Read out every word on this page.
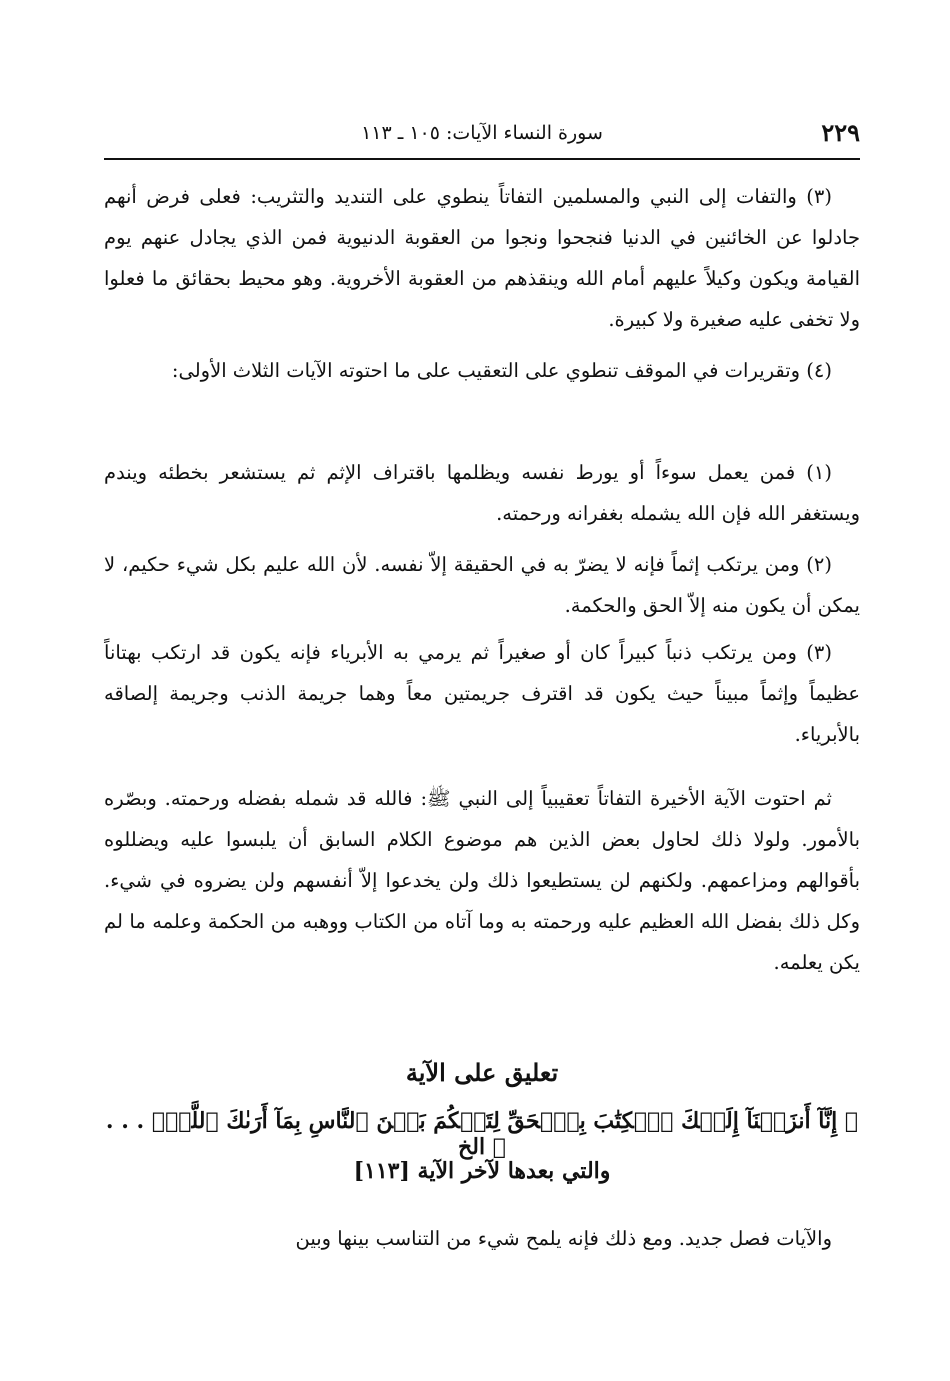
٢٢٩
سورة النساء الآيات: ١٠٥ ـ ١١٣

(٣) والتفات إلى النبي والمسلمين التفاتاً ينطوي على التنديد والتثريب: فعلى فرض أنهم جادلوا عن الخائنين في الدنيا فنجحوا ونجوا من العقوبة الدنيوية فمن الذي يجادل عنهم يوم القيامة ويكون وكيلاً عليهم أمام الله وينقذهم من العقوبة الأخروية. وهو محيط بحقائق ما فعلوا ولا تخفى عليه صغيرة ولا كبيرة.

(٤) وتقريرات في الموقف تنطوي على التعقيب على ما احتوته الآيات الثلاث الأولى:

(١) فمن يعمل سوءاً أو يورط نفسه ويظلمها باقتراف الإثم ثم يستشعر بخطئه ويندم ويستغفر الله فإن الله يشمله بغفرانه ورحمته.

(٢) ومن يرتكب إثماً فإنه لا يضرّ به في الحقيقة إلاّ نفسه. لأن الله عليم بكل شيء حكيم، لا يمكن أن يكون منه إلاّ الحق والحكمة.

(٣) ومن يرتكب ذنباً كبيراً كان أو صغيراً ثم يرمي به الأبرياء فإنه يكون قد ارتكب بهتاناً عظيماً وإثماً مبيناً حيث يكون قد اقترف جريمتين معاً وهما جريمة الذنب وجريمة إلصاقه بالأبرياء.

ثم احتوت الآية الأخيرة التفاتاً تعقيبياً إلى النبي ﷺ: فالله قد شمله بفضله ورحمته. وبصّره بالأمور. ولولا ذلك لحاول بعض الذين هم موضوع الكلام السابق أن يلبسوا عليه ويضللوه بأقوالهم ومزاعمهم. ولكنهم لن يستطيعوا ذلك ولن يخدعوا إلاّ أنفسهم ولن يضروه في شيء. وكل ذلك بفضل الله العظيم عليه ورحمته به وما آتاه من الكتاب ووهبه من الحكمة وعلمه ما لم يكن يعلمه.

تعليق على الآية
﴿ إِنَّآ أَنزَلۡنَآ إِلَيۡكَ ٱلۡكِتَٰبَ بِٱلۡحَقِّ لِتَحۡكُمَ بَيۡنَ ٱلنَّاسِ بِمَآ أَرَىٰكَ ٱللَّهُۚ . . . ﴾ الخ
والتي بعدها لآخر الآية [١١٣]

والآيات فصل جديد. ومع ذلك فإنه يلمح شيء من التناسب بينها وبين
